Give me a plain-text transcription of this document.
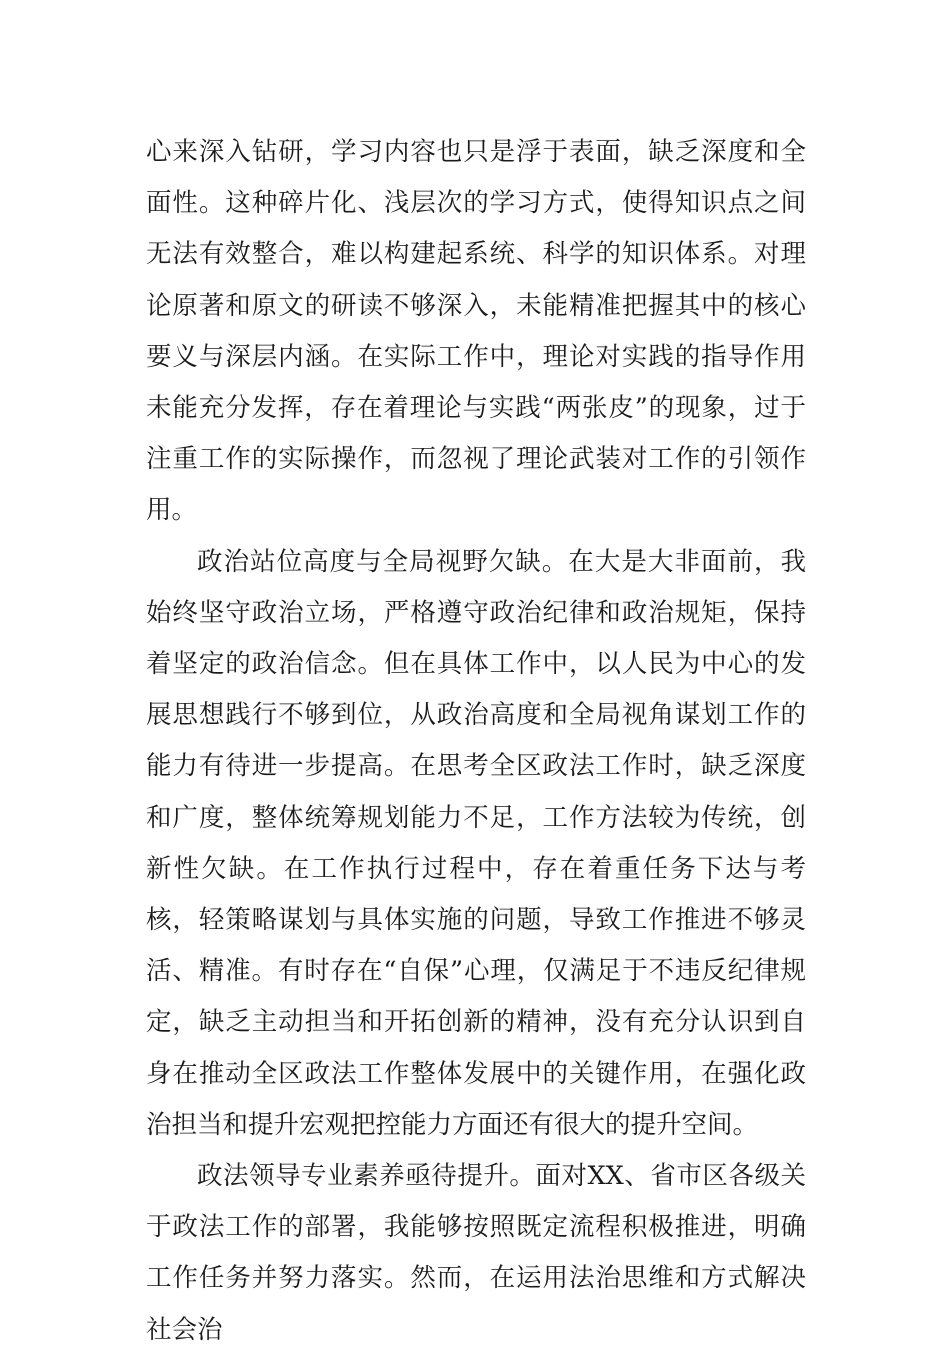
心来深入钻研，学习内容也只是浮于表面，缺乏深度和全面性。这种碎片化、浅层次的学习方式，使得知识点之间无法有效整合，难以构建起系统、科学的知识体系。对理论原著和原文的研读不够深入，未能精准把握其中的核心要义与深层内涵。在实际工作中，理论对实践的指导作用未能充分发挥，存在着理论与实践“两张皮”的现象，过于注重工作的实际操作，而忽视了理论武装对工作的引领作用。

政治站位高度与全局视野欠缺。在大是大非面前，我始终坚守政治立场，严格遵守政治纪律和政治规矩，保持着坚定的政治信念。但在具体工作中，以人民为中心的发展思想践行不够到位，从政治高度和全局视角谋划工作的能力有待进一步提高。在思考全区政法工作时，缺乏深度和广度，整体统筹规划能力不足，工作方法较为传统，创新性欠缺。在工作执行过程中，存在着重任务下达与考核，轻策略谋划与具体实施的问题，导致工作推进不够灵活、精准。有时存在“自保”心理，仅满足于不违反纪律规定，缺乏主动担当和开拓创新的精神，没有充分认识到自身在推动全区政法工作整体发展中的关键作用，在强化政治担当和提升宏观把控能力方面还有很大的提升空间。

政法领导专业素养亟待提升。面对XX、省市区各级关于政法工作的部署，我能够按照既定流程积极推进，明确工作任务并努力落实。然而，在运用法治思维和方式解决社会治
